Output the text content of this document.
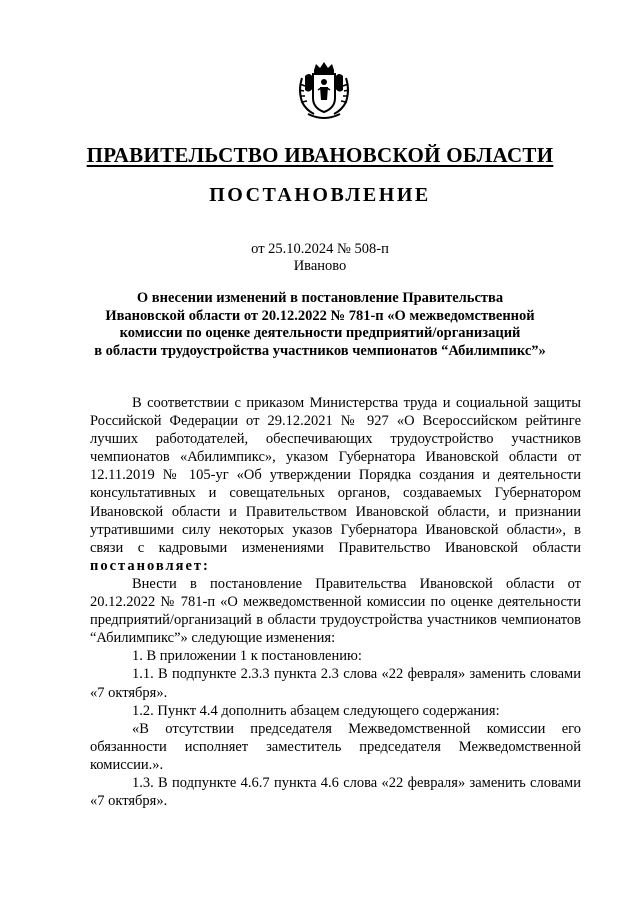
ПРАВИТЕЛЬСТВО ИВАНОВСКОЙ ОБЛАСТИ
ПОСТАНОВЛЕНИЕ
от 25.10.2024 № 508-п
Иваново
О внесении изменений в постановление Правительства
Ивановской области от 20.12.2022 № 781-п «О межведомственной
комиссии по оценке деятельности предприятий/организаций
в области трудоустройства участников чемпионатов “Абилимпикс”»

В соответствии с приказом Министерства труда и социальной защиты Российской Федерации от 29.12.2021 № 927 «О Всероссийском рейтинге лучших работодателей, обеспечивающих трудоустройство участников чемпионатов «Абилимпикс», указом Губернатора Ивановской области от 12.11.2019 № 105-уг «Об утверждении Порядка создания и деятельности консультативных и совещательных органов, создаваемых Губернатором Ивановской области и Правительством Ивановской области, и признании утратившими силу некоторых указов Губернатора Ивановской области», в связи с кадровыми изменениями Правительство Ивановской области постановляет:

Внести в постановление Правительства Ивановской области от 20.12.2022 № 781-п «О межведомственной комиссии по оценке деятельности предприятий/организаций в области трудоустройства участников чемпионатов “Абилимпикс”» следующие изменения:

1. В приложении 1 к постановлению:

1.1. В подпункте 2.3.3 пункта 2.3 слова «22 февраля» заменить словами «7 октября».

1.2. Пункт 4.4 дополнить абзацем следующего содержания:

«В отсутствии председателя Межведомственной комиссии его обязанности исполняет заместитель председателя Межведомственной комиссии.».

1.3. В подпункте 4.6.7 пункта 4.6 слова «22 февраля» заменить словами «7 октября».
